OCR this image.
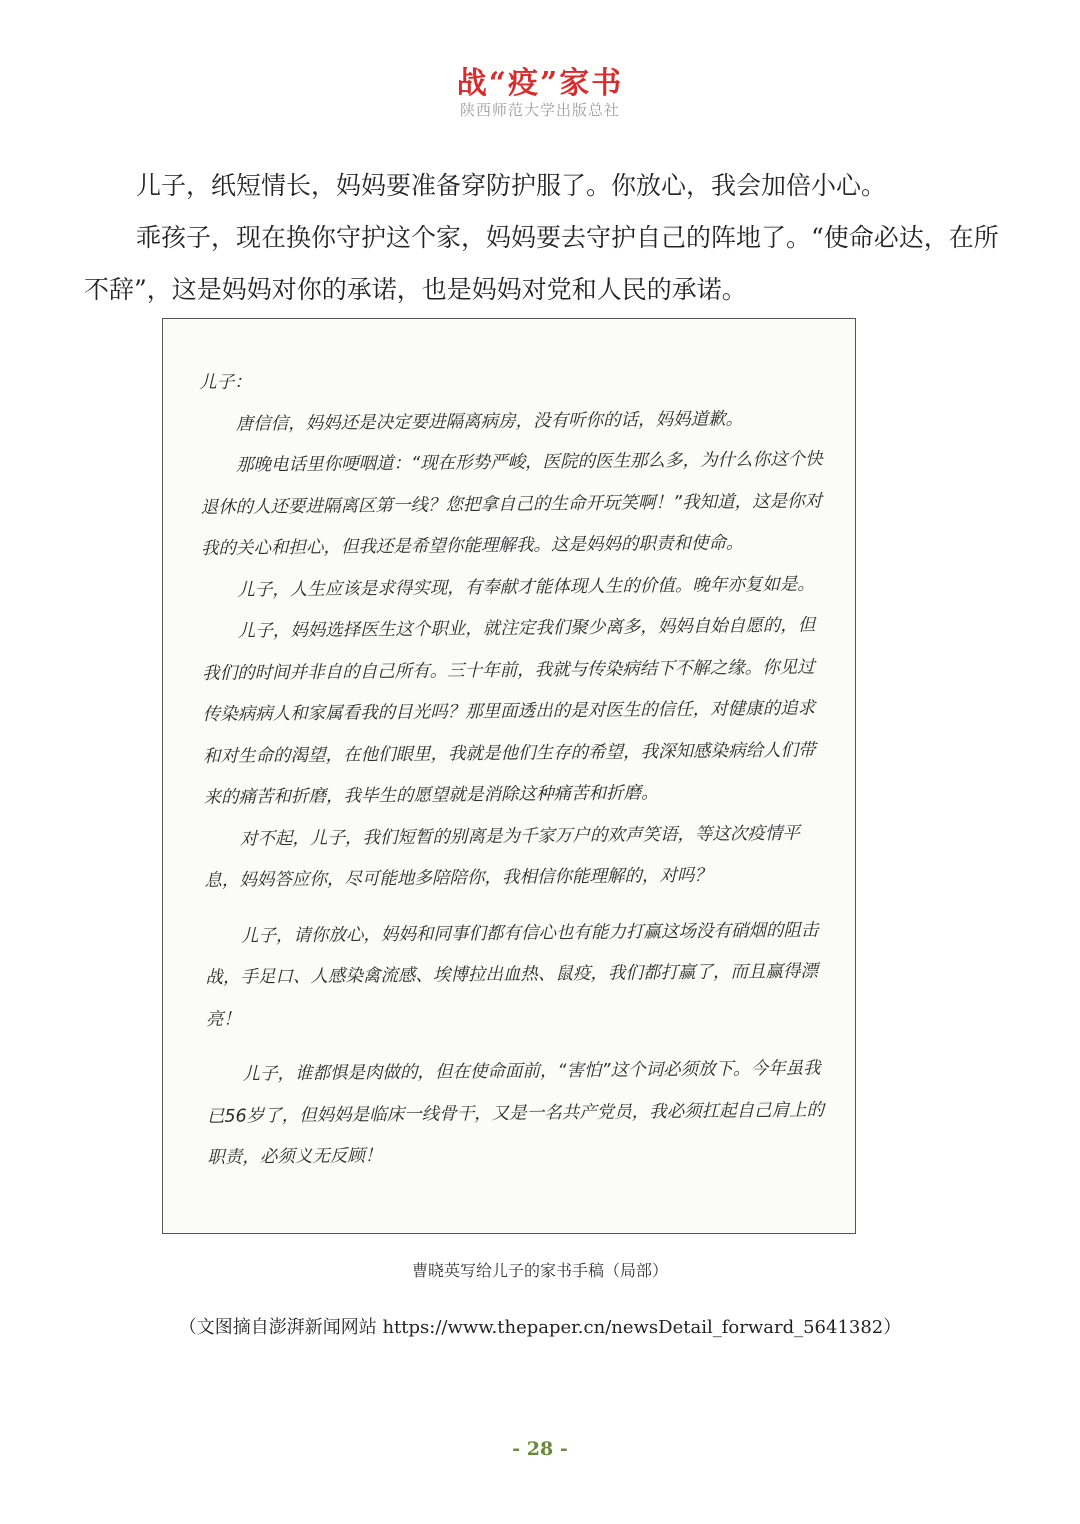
战“疫”家书
陕西师范大学出版总社

儿子，纸短情长，妈妈要准备穿防护服了。你放心，我会加倍小心。

乖孩子，现在换你守护这个家，妈妈要去守护自己的阵地了。“使命必达，在所不辞”，这是妈妈对你的承诺，也是妈妈对党和人民的承诺。

儿子：

唐信信，妈妈还是决定要进隔离病房，没有听你的话，妈妈道歉。

那晚电话里你哽咽道：“现在形势严峻，医院的医生那么多，为什么你这个快退休的人还要进隔离区第一线？您把拿自己的生命开玩笑啊！”我知道，这是你对我的关心和担心，但我还是希望你能理解我。这是妈妈的职责和使命。

儿子，人生应该是求得实现，有奉献才能体现人生的价值。晚年亦复如是。

儿子，妈妈选择医生这个职业，就注定我们聚少离多，妈妈自始自愿的，但我们的时间并非自的自己所有。三十年前，我就与传染病结下不解之缘。你见过传染病病人和家属看我的目光吗？那里面透出的是对医生的信任，对健康的追求和对生命的渴望，在他们眼里，我就是他们生存的希望，我深知感染病给人们带来的痛苦和折磨，我毕生的愿望就是消除这种痛苦和折磨。

对不起，儿子，我们短暂的别离是为千家万户的欢声笑语，等这次疫情平息，妈妈答应你，尽可能地多陪陪你，我相信你能理解的，对吗？

儿子，请你放心，妈妈和同事们都有信心也有能力打赢这场没有硝烟的阻击战，手足口、人感染禽流感、埃博拉出血热、鼠疫，我们都打赢了，而且赢得漂亮！

儿子，谁都惧是肉做的，但在使命面前，“害怕”这个词必须放下。今年虽我已56岁了，但妈妈是临床一线骨干，又是一名共产党员，我必须扛起自己肩上的职责，必须义无反顾！

曹晓英写给儿子的家书手稿（局部）
（文图摘自澎湃新闻网站 https://www.thepaper.cn/newsDetail_forward_5641382）
- 28 -
